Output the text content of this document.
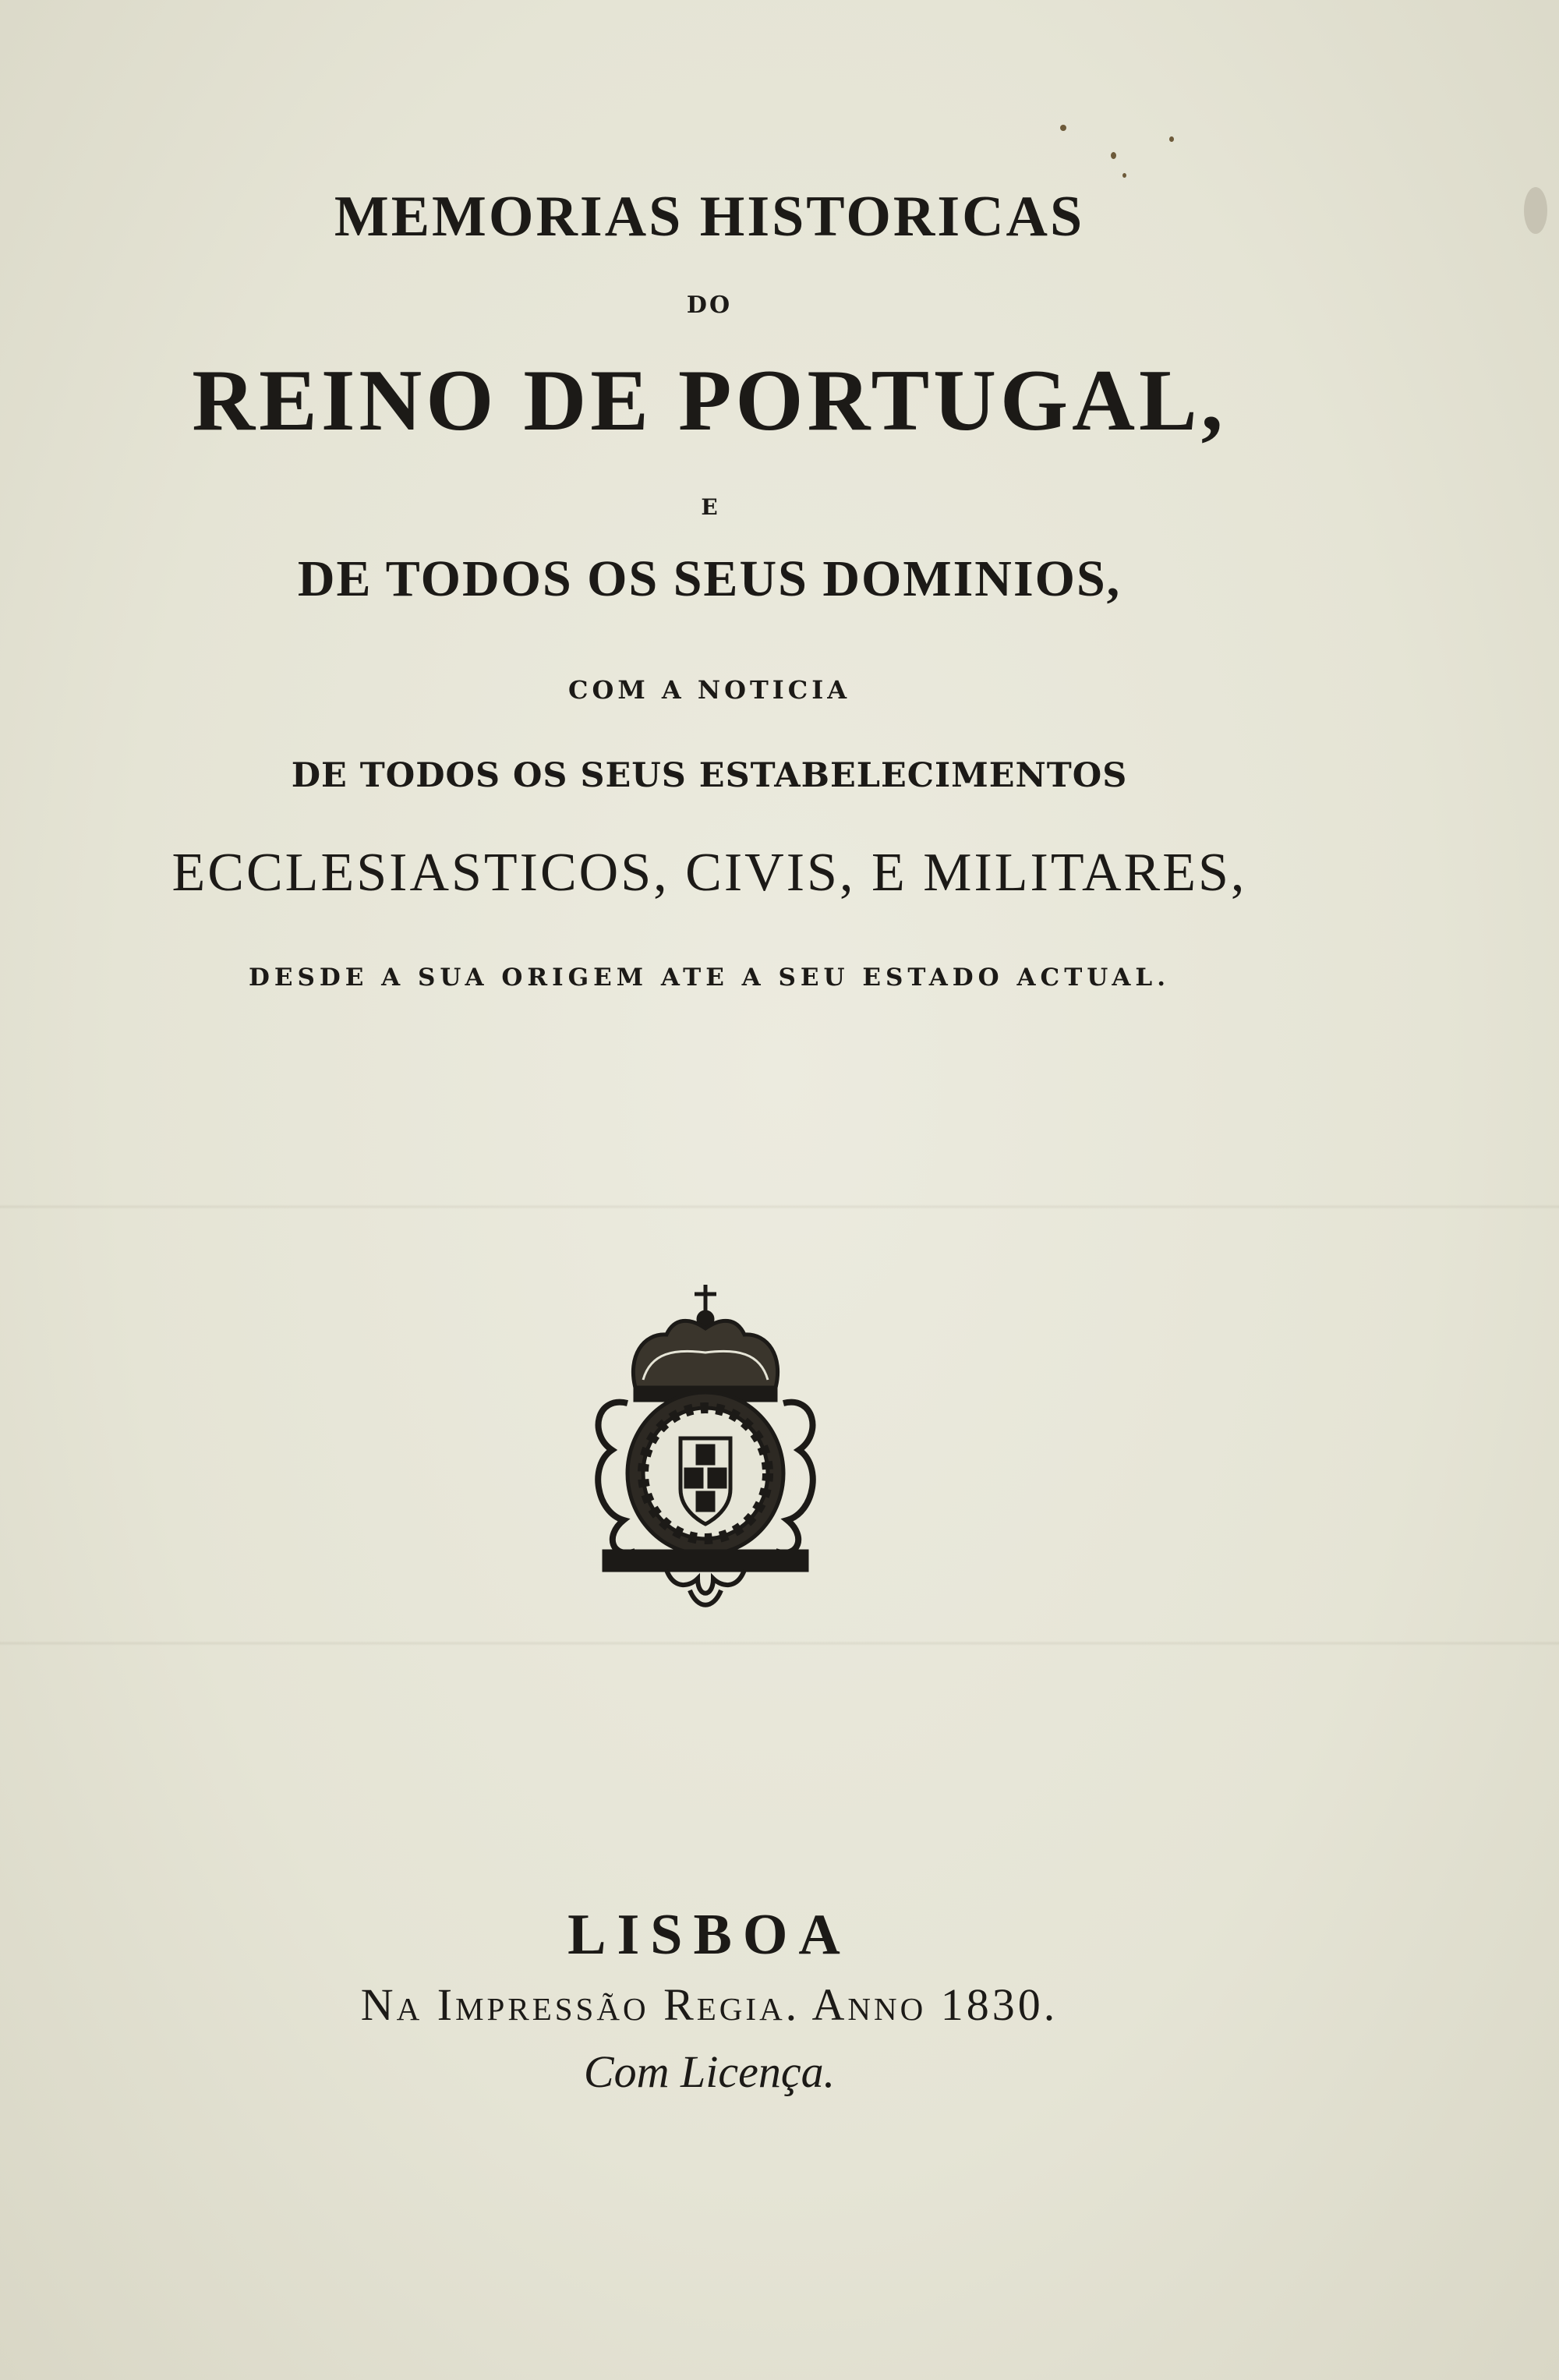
MEMORIAS HISTORICAS
DO
REINO DE PORTUGAL,
E
DE TODOS OS SEUS DOMINIOS,
COM A NOTICIA
DE TODOS OS SEUS ESTABELECIMENTOS
ECCLESIASTICOS, CIVIS, E MILITARES,
DESDE A SUA ORIGEM ATE A SEU ESTADO ACTUAL.
LISBOA
Na Impressão Regia. Anno 1830.
Com Licença.
